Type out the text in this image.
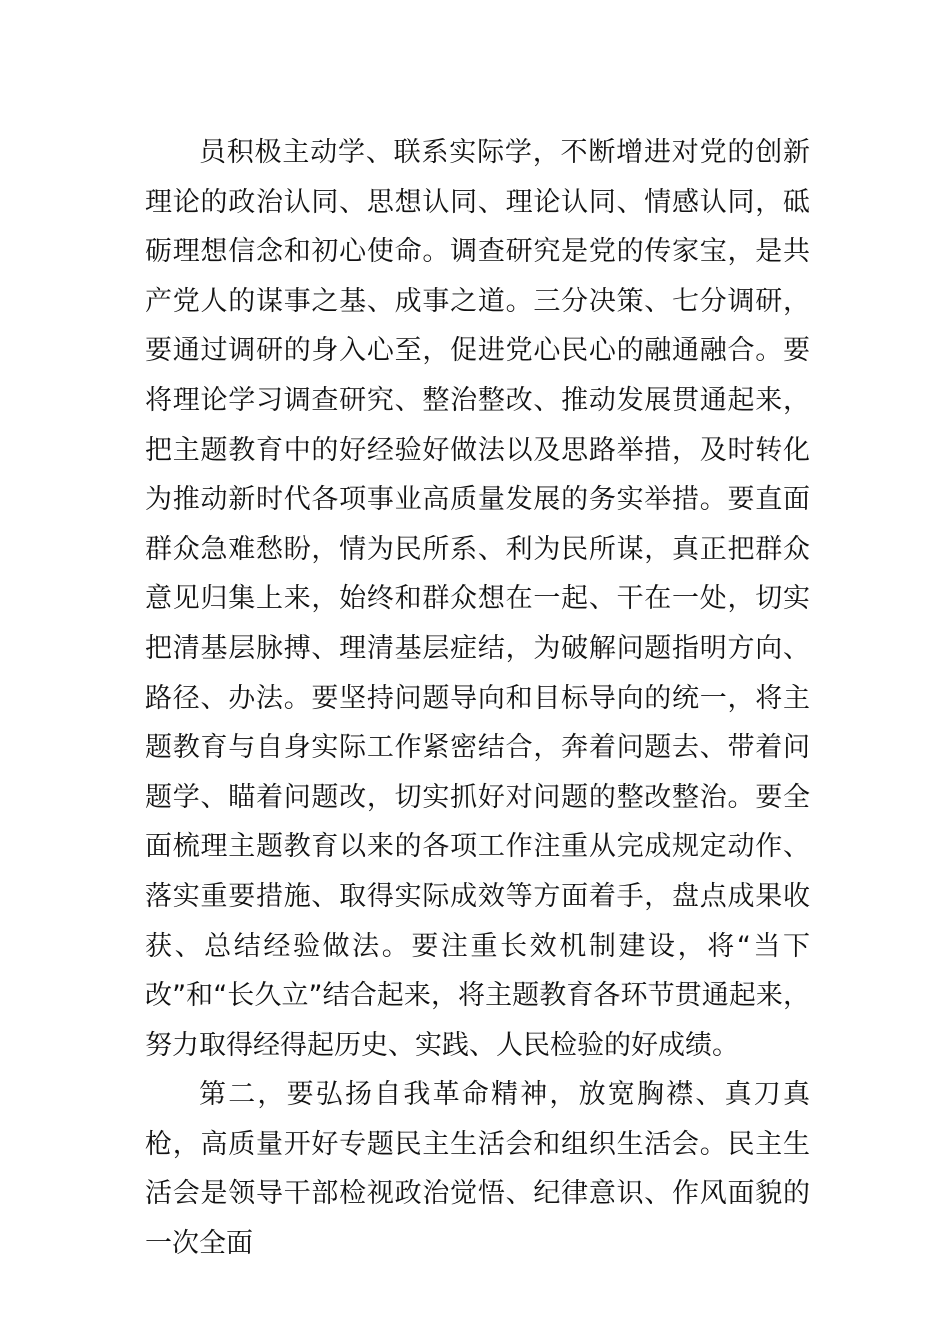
员积极主动学、联系实际学，不断增进对党的创新理论的政治认同、思想认同、理论认同、情感认同，砥砺理想信念和初心使命。调查研究是党的传家宝，是共产党人的谋事之基、成事之道。三分决策、七分调研，要通过调研的身入心至，促进党心民心的融通融合。要将理论学习调查研究、整治整改、推动发展贯通起来，把主题教育中的好经验好做法以及思路举措，及时转化为推动新时代各项事业高质量发展的务实举措。要直面群众急难愁盼，情为民所系、利为民所谋，真正把群众意见归集上来，始终和群众想在一起、干在一处，切实把清基层脉搏、理清基层症结，为破解问题指明方向、路径、办法。要坚持问题导向和目标导向的统一，将主题教育与自身实际工作紧密结合，奔着问题去、带着问题学、瞄着问题改，切实抓好对问题的整改整治。要全面梳理主题教育以来的各项工作注重从完成规定动作、落实重要措施、取得实际成效等方面着手，盘点成果收获、总结经验做法。要注重长效机制建设，将“当下改”和“长久立”结合起来，将主题教育各环节贯通起来，努力取得经得起历史、实践、人民检验的好成绩。

第二，要弘扬自我革命精神，放宽胸襟、真刀真枪，高质量开好专题民主生活会和组织生活会。民主生活会是领导干部检视政治觉悟、纪律意识、作风面貌的一次全面
